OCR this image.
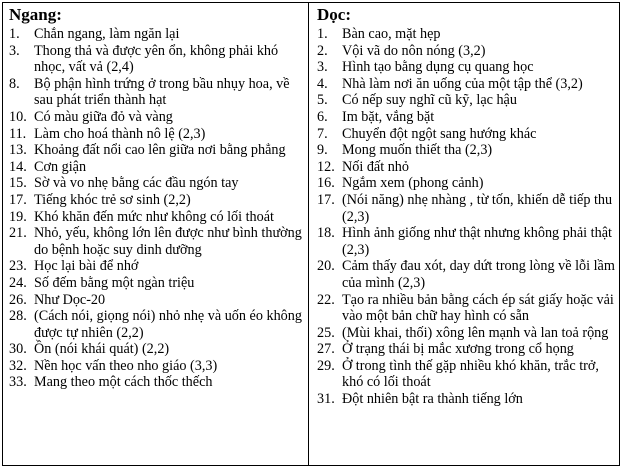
Ngang:
1.	Chắn ngang, làm ngăn lại
3.	Thong thả và được yên ổn, không phải khó nhọc, vất vả (2,4)
8.	Bộ phận hình trứng ở trong bầu nhụy hoa, về sau phát triển thành hạt
10. Có màu giữa đỏ và vàng
11. Làm cho hoá thành nô lệ (2,3)
13. Khoảng đất nổi cao lên giữa nơi bằng phẳng
14. Cơn giận
15. Sờ và vo nhẹ bằng các đầu ngón tay
17. Tiếng khóc trẻ sơ sinh (2,2)
19. Khó khăn đến mức như không có lối thoát
21. Nhỏ, yếu, không lớn lên được như bình thường do bệnh hoặc suy dinh dưỡng
23. Học lại bài để nhớ
24. Số đếm bằng một ngàn triệu
26. Như Dọc-20
28. (Cách nói, giọng nói) nhỏ nhẹ và uốn éo không được tự nhiên (2,2)
30. Ồn (nói khái quát) (2,2)
32. Nền học vấn theo nho giáo (3,3)
33. Mang theo một cách thốc thếch
Dọc:
1.	Bàn cao, mặt hẹp
2.	Vội vã do nôn nóng (3,2)
3.	Hình tạo bằng dụng cụ quang học
4.	Nhà làm nơi ăn uống của một tập thể (3,2)
5.	Có nếp suy nghĩ cũ kỹ, lạc hậu
6.	Im bặt, vắng bặt
7.	Chuyển đột ngột sang hướng khác
9.	Mong muốn thiết tha (2,3)
12. Nối đất nhỏ
16. Ngắm xem (phong cảnh)
17. (Nói năng) nhẹ nhàng , từ tốn, khiến dễ tiếp thu (2,3)
18. Hình ảnh giống như thật nhưng không phải thật (2,3)
20. Cảm thấy đau xót, day dứt trong lòng về lỗi lầm của mình (2,3)
22. Tạo ra nhiều bản bằng cách ép sát giấy hoặc vải vào một bản chữ hay hình có sẵn
25. (Mùi khai, thối) xông lên mạnh và lan toả rộng
27. Ở trạng thái bị mắc xương trong cổ họng
29. Ở trong tình thế gặp nhiều khó khăn, trắc trở, khó có lối thoát
31. Đột nhiên bật ra thành tiếng lớn
